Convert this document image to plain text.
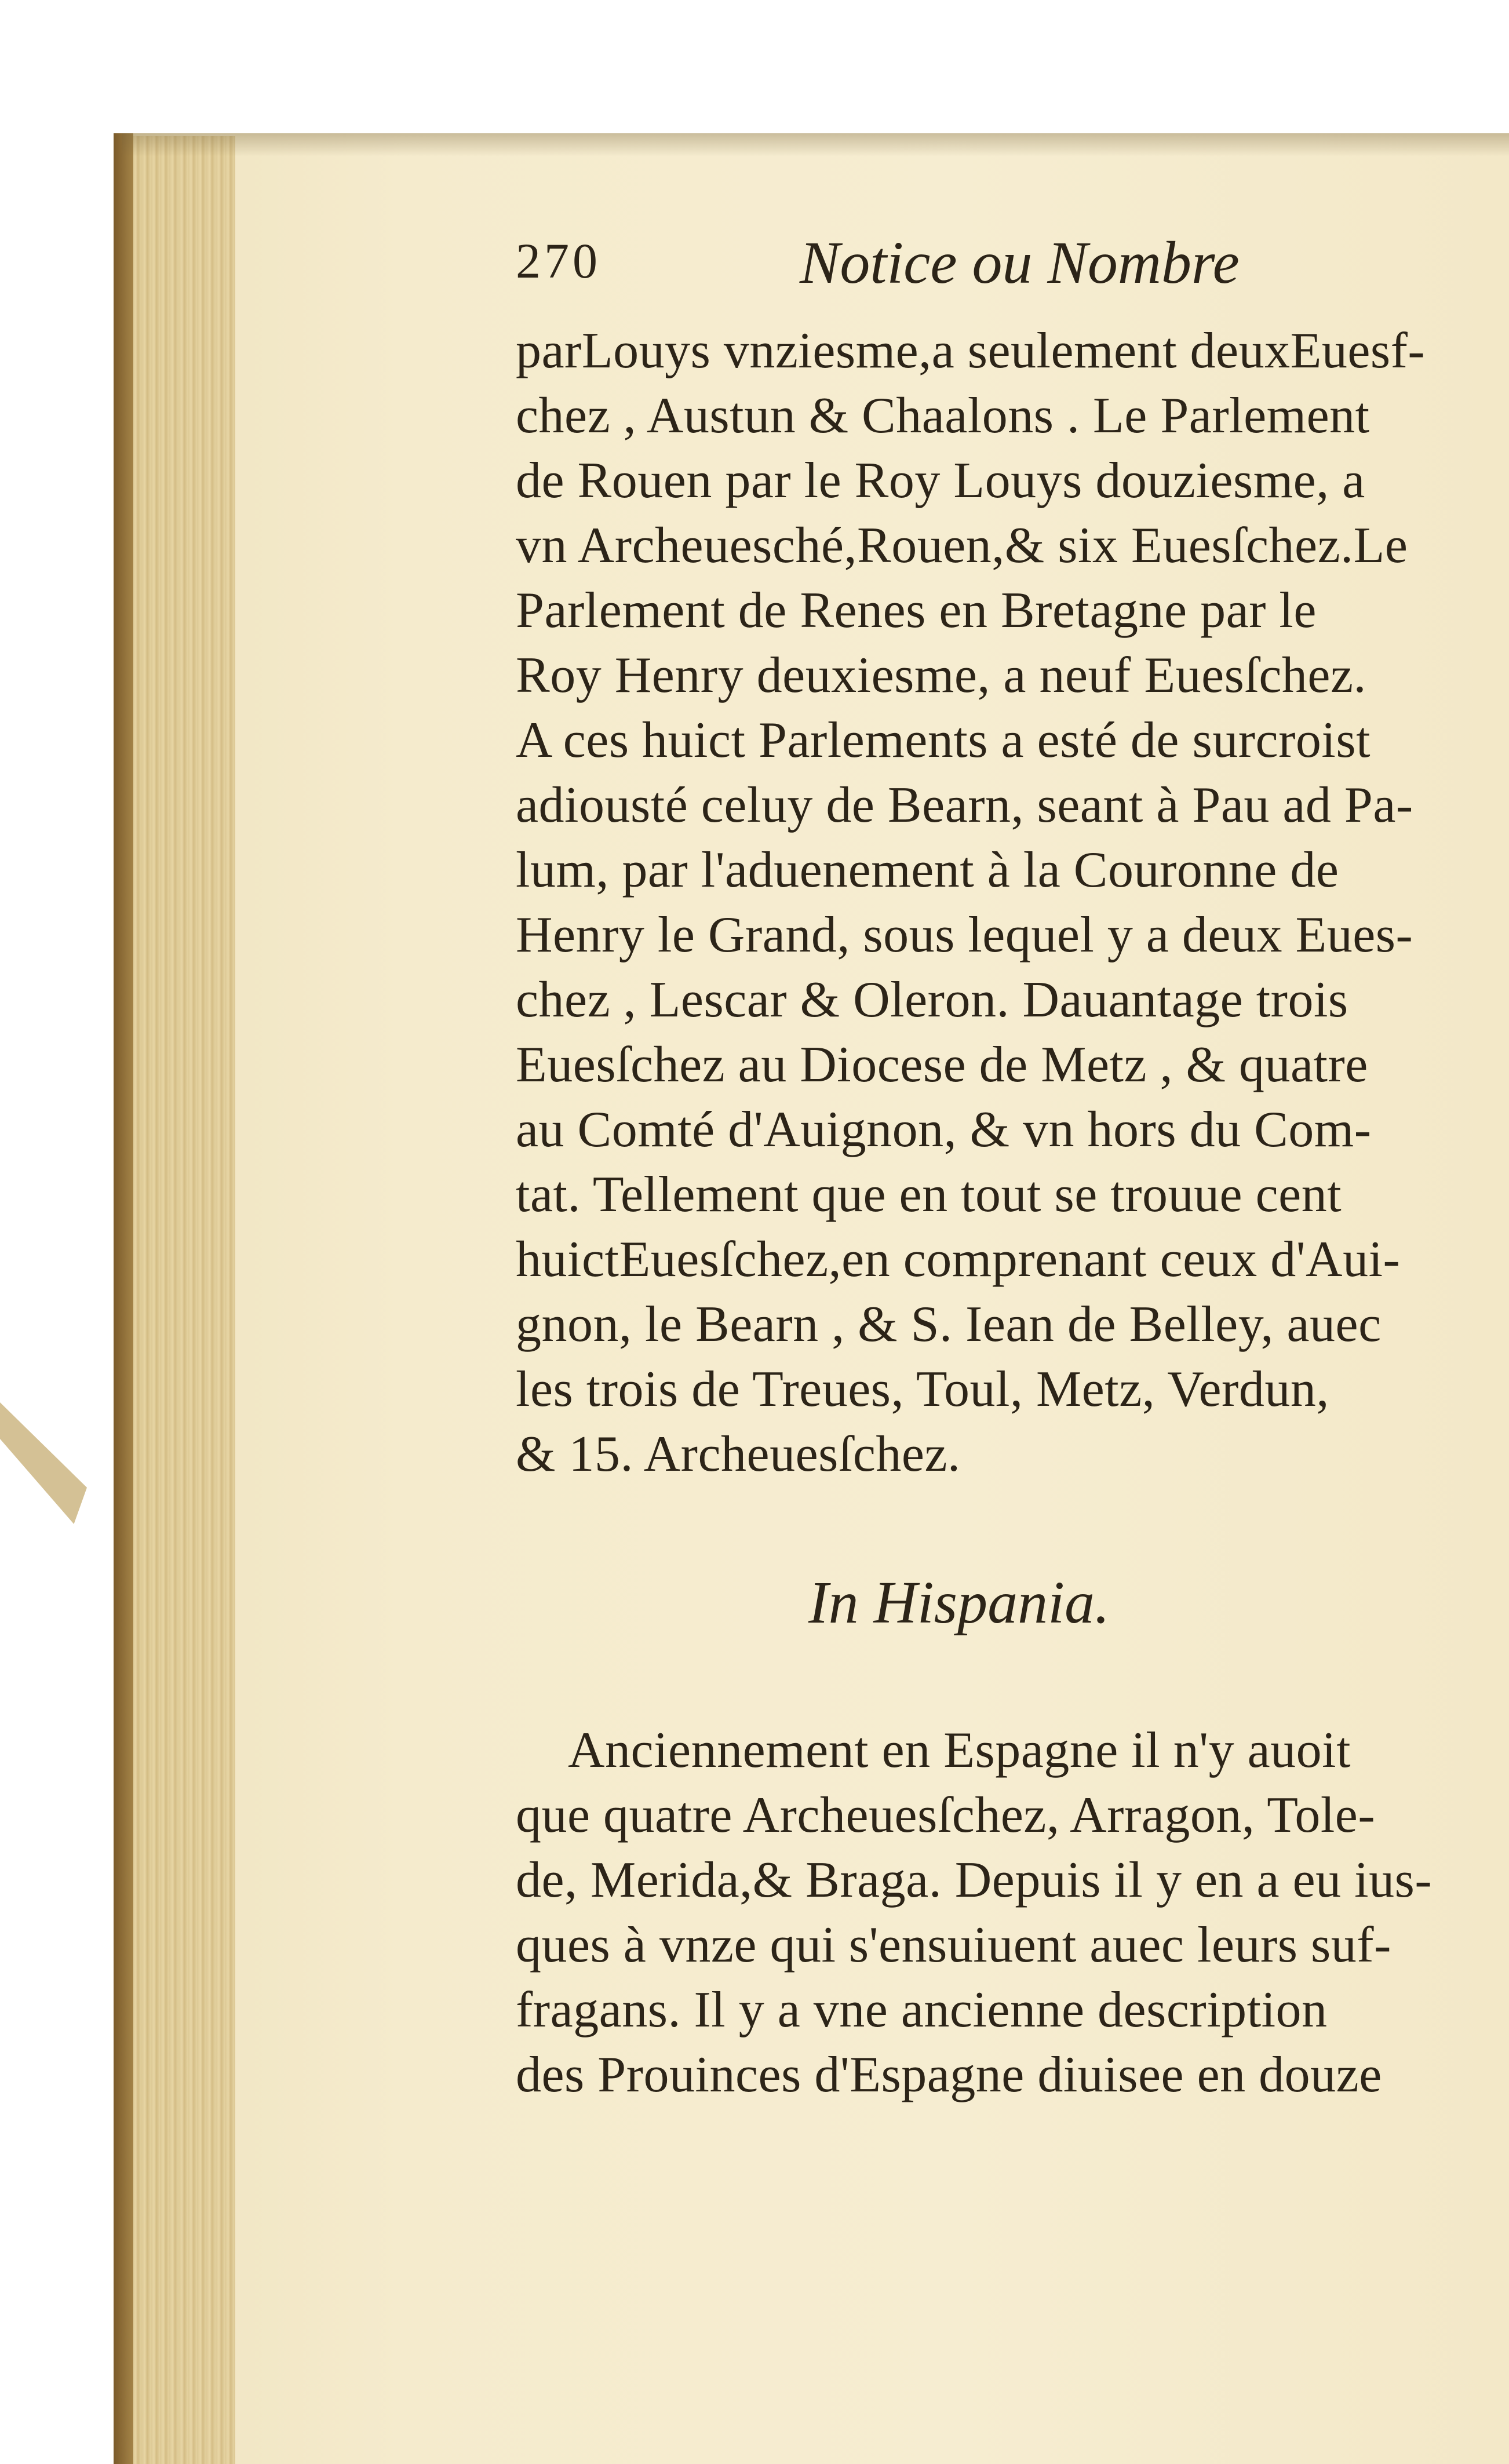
270	Notice ou Nombre
parLouys vnziesme,a seulement deuxEuesf-
chez , Austun & Chaalons . Le Parlement
de Rouen par le Roy Louys douziesme, a
vn Archeuesché,Rouen,& six Euesſchez.Le
Parlement de Renes en Bretagne par le
Roy Henry deuxiesme, a neuf Euesſchez.
A ces huict Parlements a esté de surcroist
adiousté celuy de Bearn, seant à Pau ad Pa-
lum, par l'aduenement à la Couronne de
Henry le Grand, sous lequel y a deux Eues-
chez , Lescar & Oleron. Dauantage trois
Euesſchez au Diocese de Metz , & quatre
au Comté d'Auignon, & vn hors du Com-
tat. Tellement que en tout se trouue cent
huictEuesſchez,en comprenant ceux d'Aui-
gnon, le Bearn , & S. Iean de Belley, auec
les trois de Treues, Toul, Metz, Verdun,
& 15. Archeuesſchez.
In Hispania.
Anciennement en Espagne il n'y auoit
que quatre Archeuesſchez, Arragon, Tole-
de, Merida,& Braga. Depuis il y en a eu ius-
ques à vnze qui s'ensuiuent auec leurs suf-
fragans. Il y a vne ancienne description
des Prouinces d'Espagne diuisee en douze
